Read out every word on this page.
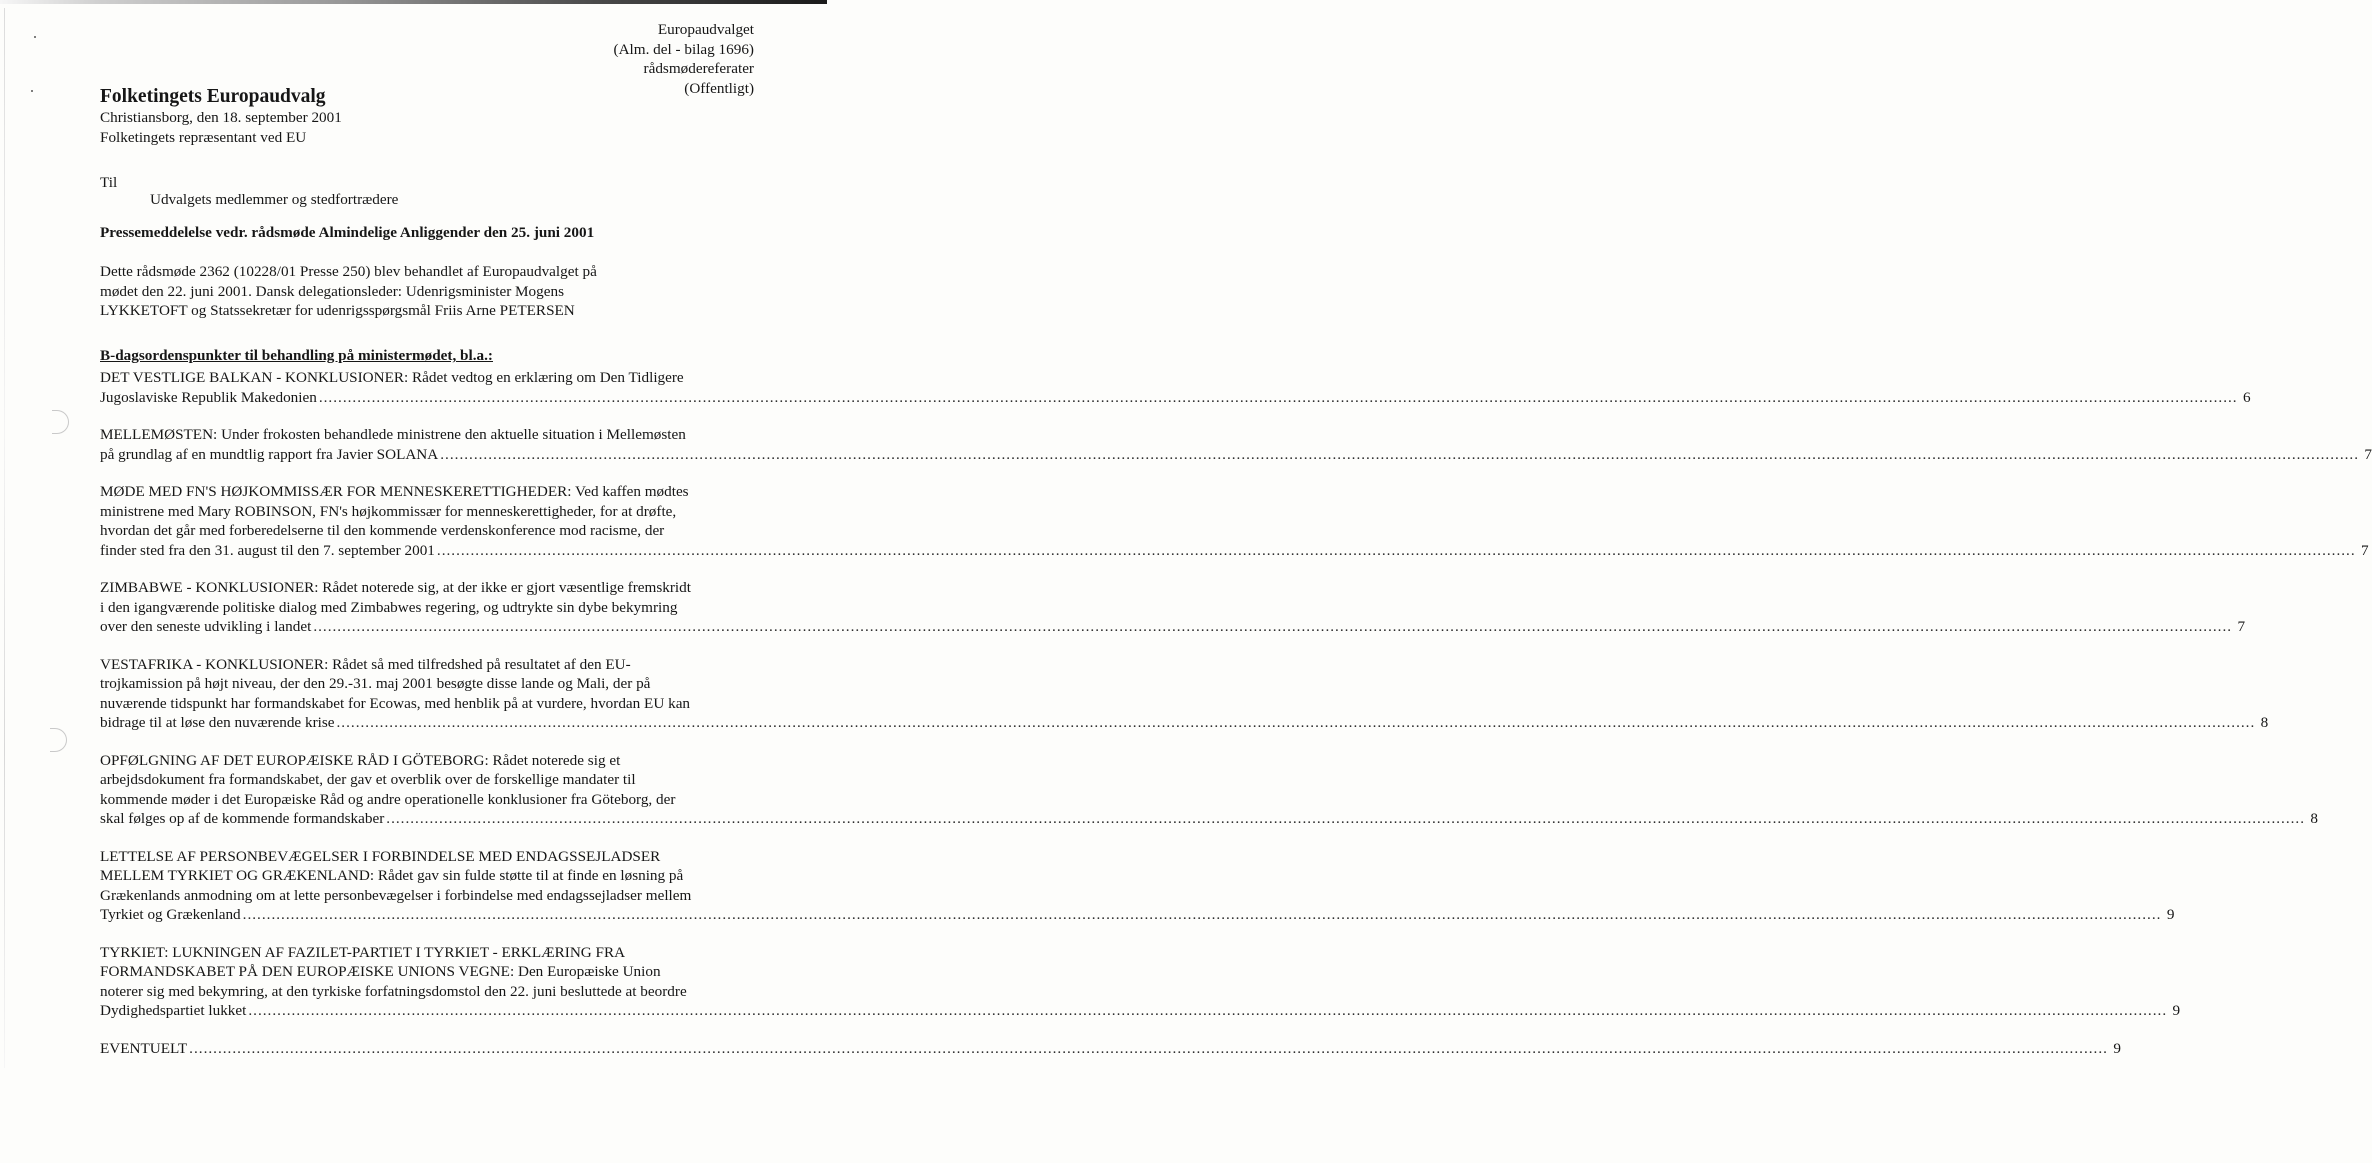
Europaudvalget
(Alm. del - bilag 1696)
rådsmødereferater
(Offentligt)
Folketingets Europaudvalg
Christiansborg, den 18. september 2001
Folketingets repræsentant ved EU
Til
Udvalgets medlemmer og stedfortrædere
Pressemeddelelse vedr. rådsmøde Almindelige Anliggender den 25. juni 2001
Dette rådsmøde 2362 (10228/01 Presse 250) blev behandlet af Europaudvalget på
mødet den 22. juni 2001. Dansk delegationsleder: Udenrigsminister Mogens
LYKKETOFT og Statssekretær for udenrigsspørgsmål Friis Arne PETERSEN
B-dagsordenspunkter til behandling på ministermødet, bl.a.:
DET VESTLIGE BALKAN - KONKLUSIONER: Rådet vedtog en erklæring om Den Tidligere
Jugoslaviske Republik Makedonien ................................................................................................................................................................................................................................................................................................................................................................................................................ 6
MELLEMØSTEN: Under frokosten behandlede ministrene den aktuelle situation i Mellemøsten
på grundlag af en mundtlig rapport fra Javier SOLANA ................................................................................................................................................................................................................................................................................................................................................................................................................ 7
MØDE MED FN'S HØJKOMMISSÆR FOR MENNESKERETTIGHEDER: Ved kaffen mødtes
ministrene med Mary ROBINSON, FN's højkommissær for menneskerettigheder, for at drøfte,
hvordan det går med forberedelserne til den kommende verdenskonference mod racisme, der
finder sted fra den 31. august til den 7. september 2001 ................................................................................................................................................................................................................................................................................................................................................................................................................ 7
ZIMBABWE - KONKLUSIONER: Rådet noterede sig, at der ikke er gjort væsentlige fremskridt
i den igangværende politiske dialog med Zimbabwes regering, og udtrykte sin dybe bekymring
over den seneste udvikling i landet ................................................................................................................................................................................................................................................................................................................................................................................................................ 7
VESTAFRIKA - KONKLUSIONER: Rådet så med tilfredshed på resultatet af den EU-
trojkamission på højt niveau, der den 29.-31. maj 2001 besøgte disse lande og Mali, der på
nuværende tidspunkt har formandskabet for Ecowas, med henblik på at vurdere, hvordan EU kan
bidrage til at løse den nuværende krise ................................................................................................................................................................................................................................................................................................................................................................................................................ 8
OPFØLGNING AF DET EUROPÆISKE RÅD I GÖTEBORG: Rådet noterede sig et
arbejdsdokument fra formandskabet, der gav et overblik over de forskellige mandater til
kommende møder i det Europæiske Råd og andre operationelle konklusioner fra Göteborg, der
skal følges op af de kommende formandskaber ................................................................................................................................................................................................................................................................................................................................................................................................................ 8
LETTELSE AF PERSONBEVÆGELSER I FORBINDELSE MED ENDAGSSEJLADSER
MELLEM TYRKIET OG GRÆKENLAND: Rådet gav sin fulde støtte til at finde en løsning på
Grækenlands anmodning om at lette personbevægelser i forbindelse med endagssejladser mellem
Tyrkiet og Grækenland ................................................................................................................................................................................................................................................................................................................................................................................................................ 9
TYRKIET: LUKNINGEN AF FAZILET-PARTIET I TYRKIET - ERKLÆRING FRA
FORMANDSKABET PÅ DEN EUROPÆISKE UNIONS VEGNE: Den Europæiske Union
noterer sig med bekymring, at den tyrkiske forfatningsdomstol den 22. juni besluttede at beordre
Dydighedspartiet lukket ................................................................................................................................................................................................................................................................................................................................................................................................................ 9
EVENTUELT ................................................................................................................................................................................................................................................................................................................................................................................................................ 9
